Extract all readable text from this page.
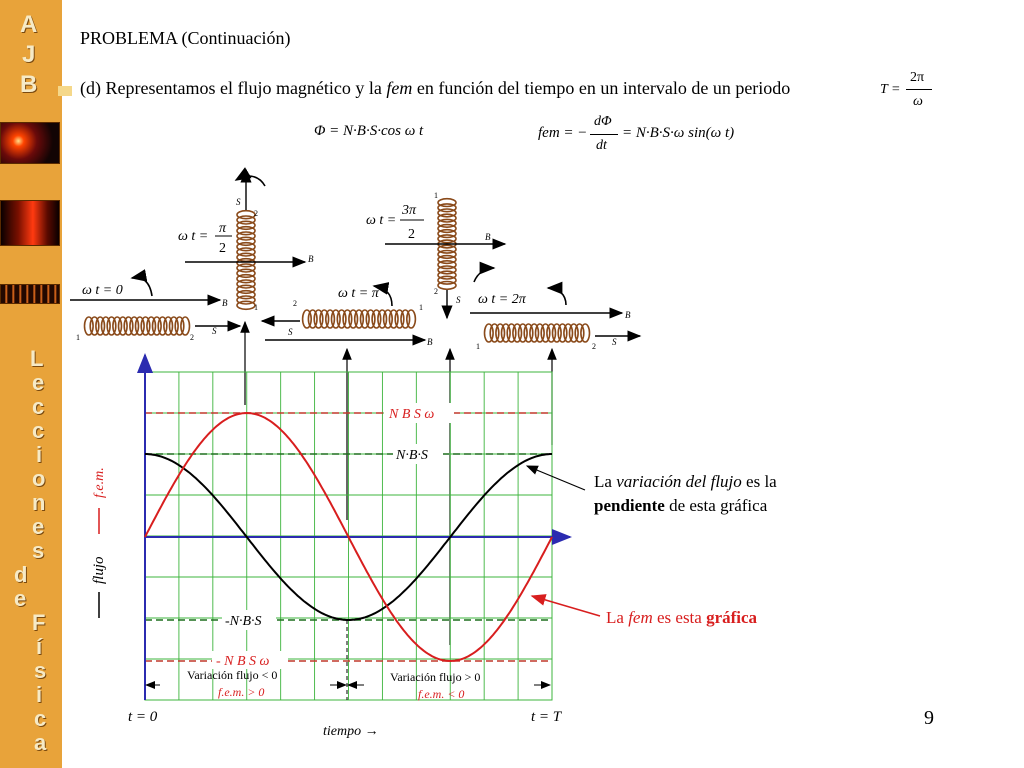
A
J
B
L
e
c
c
i
o
n
e
s
d
e
F
í
s
i
c
a
PROBLEMA (Continuación)
(d) Representamos el flujo magnético y la fem en función del tiempo en un intervalo de un periodo	T =
2π
ω
Φ = N·B·S·cos ω t	fem = −
dΦ
dt
= N·B·S·ω sin(ω t)
B⃗
S⃗
B⃗
S⃗
B⃗
S⃗
B⃗
S⃗
B⃗
S⃗
1	2
2
1	2	1
1
2
1	2
ω t = 0
ω t =
π
2
ω t = π
ω t =
3π
2
ω t = 2π
N B S ω
N·B·S
-N·B·S
- N B S ω
Variación flujo < 0
f.e.m. > 0
Variación flujo > 0
f.e.m. < 0
flujo
f.e.m.
t = 0	t = T
tiempo →
9
La variación del flujo es la
pendiente de esta gráfica
La fem es esta gráfica
